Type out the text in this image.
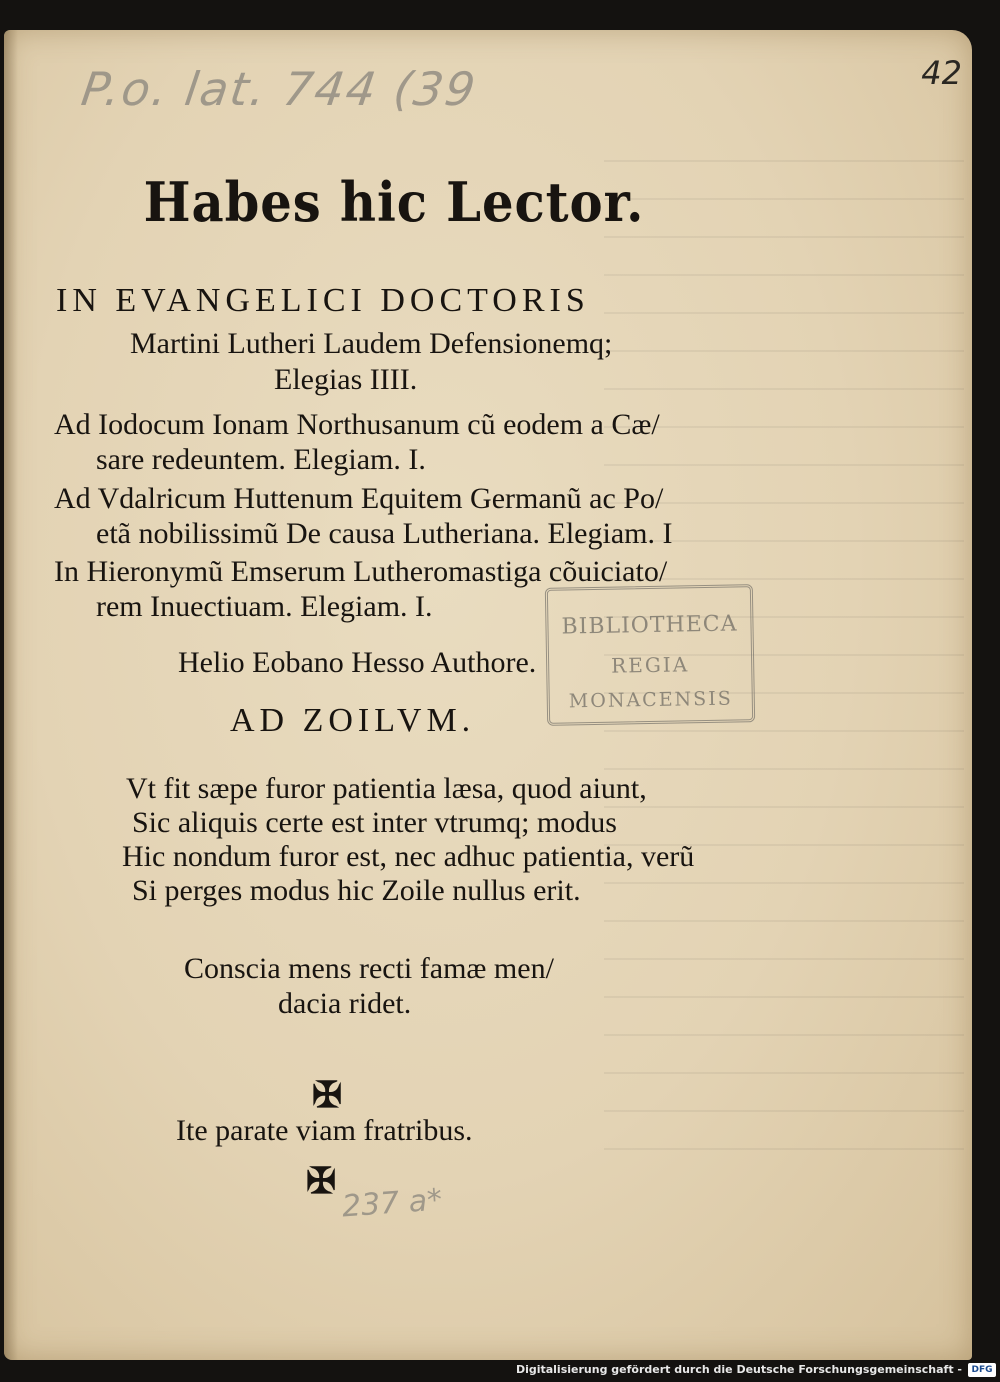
P.o. lat. 744 (39	42

Habes hic Lector.

IN EVANGELICI DOCTORIS

Martini Lutheri Laudem Defensionemq;

Elegias IIII.

Ad Iodocum Ionam Northusanum cũ eodem a Cæ/

sare redeuntem. Elegiam. I.

Ad Vdalricum Huttenum Equitem Germanũ ac Po/

etã nobilissimũ De causa Lutheriana. Elegiam. I

In Hieronymũ Emserum Lutheromastiga cõuiciato/

rem Inuectiuam. Elegiam. I.

Helio Eobano Hesso Authore.

BIBLIOTHECA
REGIA
MONACENSIS

AD ZOILVM.

Vt fit sæpe furor patientia læsa, quod aiunt,

Sic aliquis certe est inter vtrumq; modus

Hic nondum furor est, nec adhuc patientia, verũ

Si perges modus hic Zoile nullus erit.

Conscia mens recti famæ men/

dacia ridet.

✠

Ite parate viam fratribus.

✠

237 a*

Digitalisierung gefördert durch die Deutsche Forschungsgemeinschaft -	DFG
